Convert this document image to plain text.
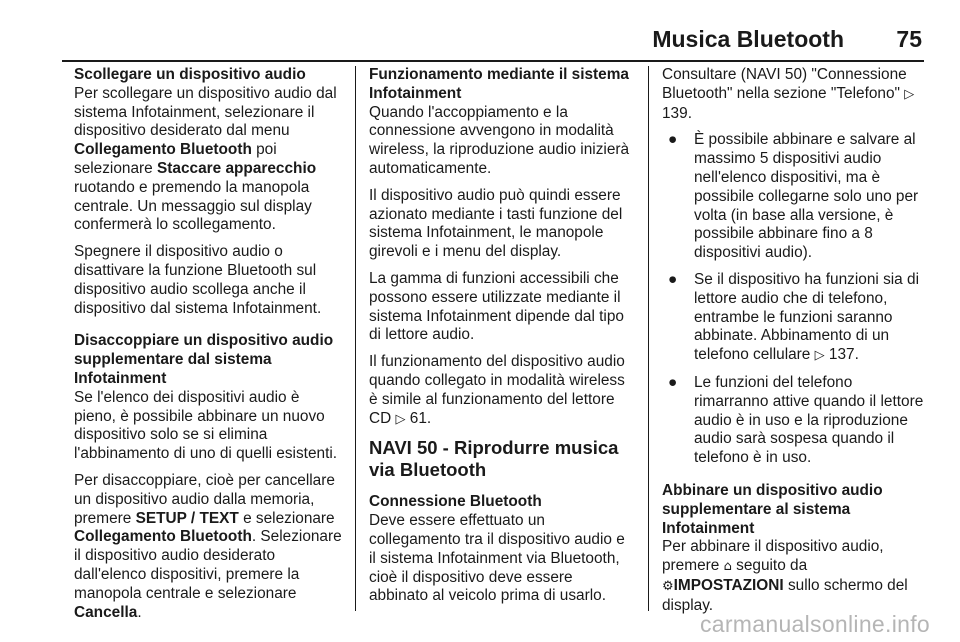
Musica Bluetooth 75

Scollegare un dispositivo audio

Per scollegare un dispositivo audio dal sistema Infotainment, selezionare il dispositivo desiderato dal menu Collegamento Bluetooth poi selezionare Staccare apparecchio ruotando e premendo la manopola centrale. Un messaggio sul display confermerà lo scollegamento.

Spegnere il dispositivo audio o disattivare la funzione Bluetooth sul dispositivo audio scollega anche il dispositivo dal sistema Infotainment.

Disaccoppiare un dispositivo audio supplementare dal sistema Infotainment

Se l'elenco dei dispositivi audio è pieno, è possibile abbinare un nuovo dispositivo solo se si elimina l'abbinamento di uno di quelli esistenti.

Per disaccoppiare, cioè per cancellare un dispositivo audio dalla memoria, premere SETUP / TEXT e selezionare Collegamento Bluetooth. Selezionare il dispositivo audio desiderato dall'elenco dispositivi, premere la manopola centrale e selezionare Cancella.

Funzionamento mediante il sistema Infotainment

Quando l'accoppiamento e la connessione avvengono in modalità wireless, la riproduzione audio inizierà automaticamente.

Il dispositivo audio può quindi essere azionato mediante i tasti funzione del sistema Infotainment, le manopole girevoli e i menu del display.

La gamma di funzioni accessibili che possono essere utilizzate mediante il sistema Infotainment dipende dal tipo di lettore audio.

Il funzionamento del dispositivo audio quando collegato in modalità wireless è simile al funzionamento del lettore CD ▷ 61.

NAVI 50 - Riprodurre musica via Bluetooth

Connessione Bluetooth

Deve essere effettuato un collegamento tra il dispositivo audio e il sistema Infotainment via Bluetooth, cioè il dispositivo deve essere abbinato al veicolo prima di usarlo.

Consultare (NAVI 50) "Connessione Bluetooth" nella sezione "Telefono" ▷ 139.

●	È possibile abbinare e salvare al massimo 5 dispositivi audio nell'elenco dispositivi, ma è possibile collegarne solo uno per volta (in base alla versione, è possibile abbinare fino a 8 dispositivi audio).
●	Se il dispositivo ha funzioni sia di lettore audio che di telefono, entrambe le funzioni saranno abbinate. Abbinamento di un telefono cellulare ▷ 137.
●	Le funzioni del telefono rimarranno attive quando il lettore audio è in uso e la riproduzione audio sarà sospesa quando il telefono è in uso.

Abbinare un dispositivo audio supplementare al sistema Infotainment

Per abbinare il dispositivo audio, premere ⌂ seguito da
⚙IMPOSTAZIONI sullo schermo del display.

carmanualsonline.info
